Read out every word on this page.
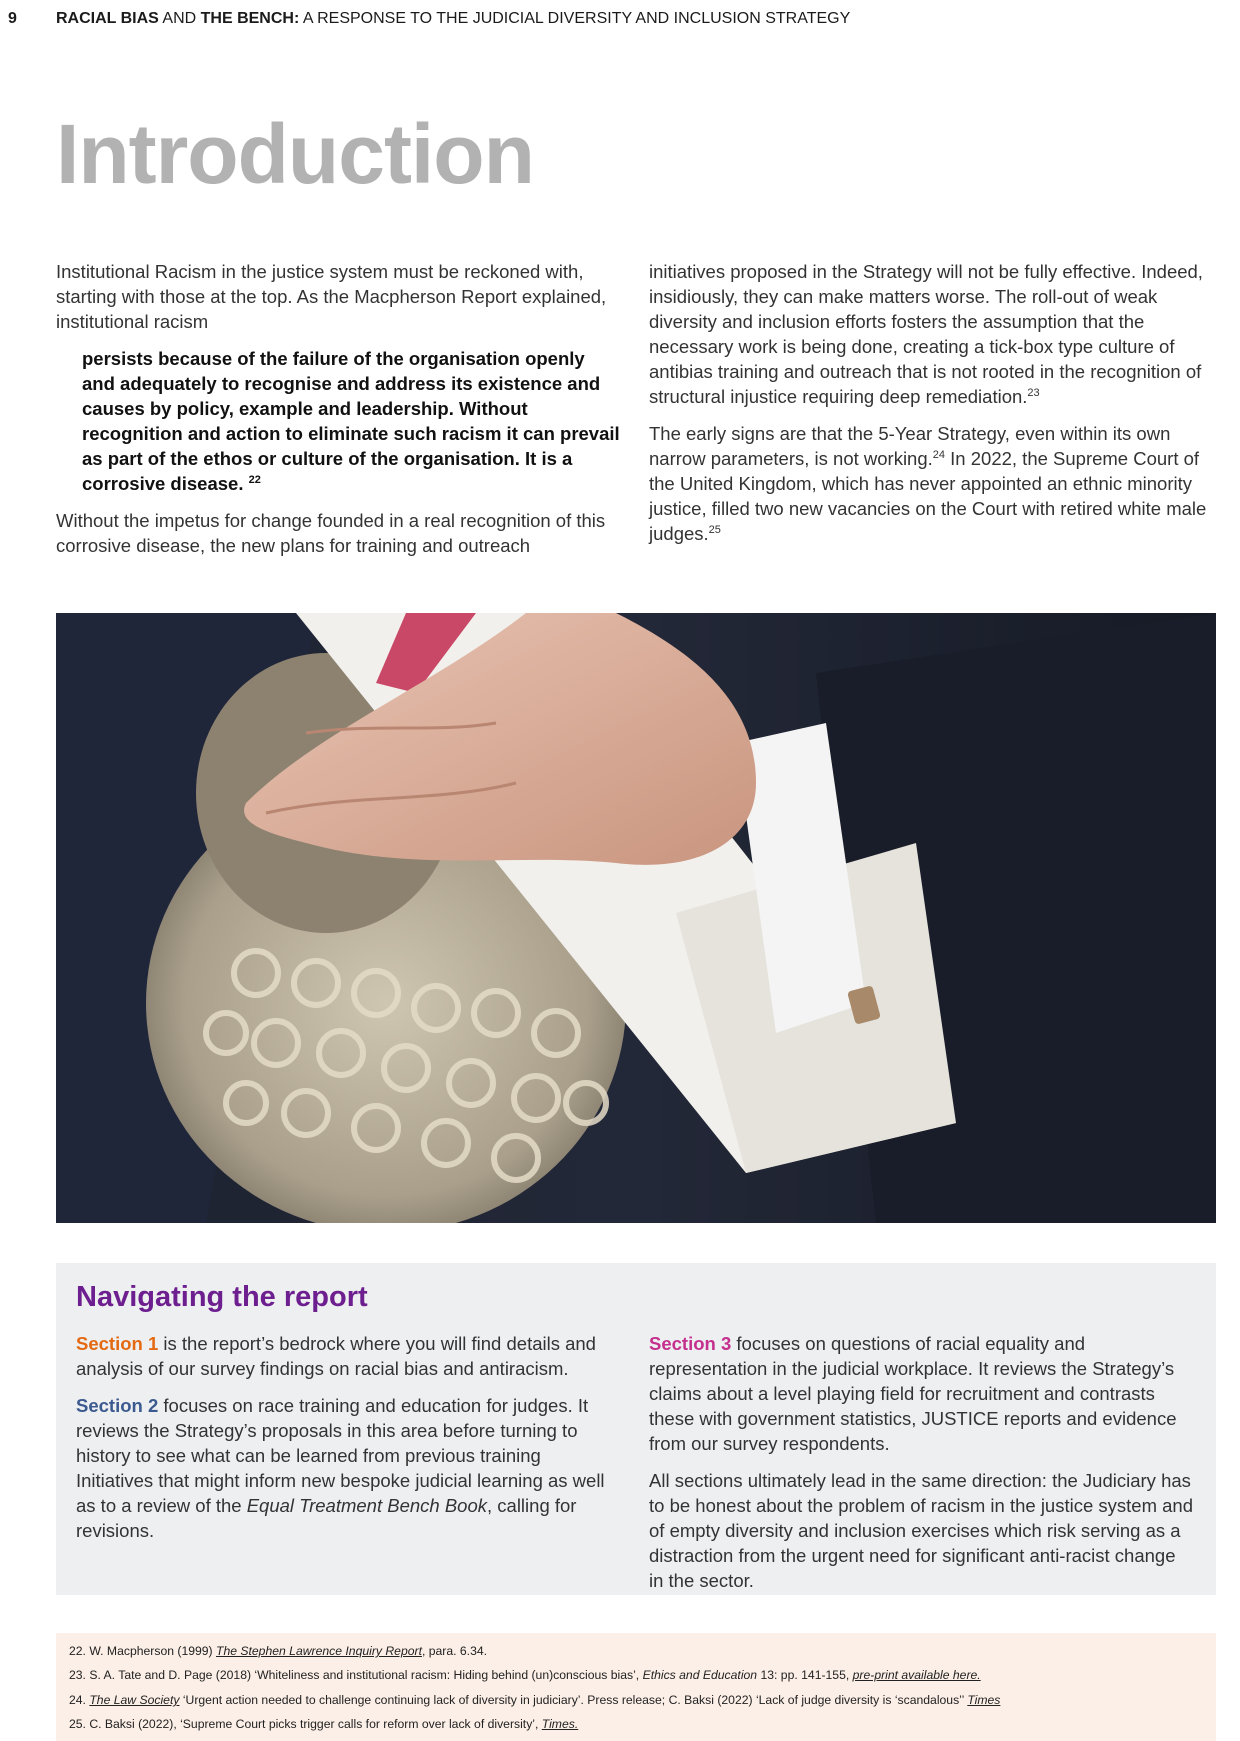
9 RACIAL BIAS AND THE BENCH: A RESPONSE TO THE JUDICIAL DIVERSITY AND INCLUSION STRATEGY
Introduction

Institutional Racism in the justice system must be reckoned with, starting with those at the top. As the Macpherson Report explained, institutional racism

persists because of the failure of the organisation openly and adequately to recognise and address its existence and causes by policy, example and leadership. Without recognition and action to eliminate such racism it can prevail as part of the ethos or culture of the organisation. It is a corrosive disease. $^{22}$

Without the impetus for change founded in a real recognition of this corrosive disease, the new plans for training and outreach

initiatives proposed in the Strategy will not be fully effective. Indeed, insidiously, they can make matters worse. The roll-out of weak diversity and inclusion efforts fosters the assumption that the necessary work is being done, creating a tick-box type culture of antibias training and outreach that is not rooted in the recognition of structural injustice requiring deep remediation.$^{23}$

The early signs are that the 5-Year Strategy, even within its own narrow parameters, is not working.$^{24}$ In 2022, the Supreme Court of the United Kingdom, which has never appointed an ethnic minority justice, filled two new vacancies on the Court with retired white male judges.$^{25}$

Navigating the report

Section 1 is the report’s bedrock where you will find details and analysis of our survey findings on racial bias and antiracism.

Section 2 focuses on race training and education for judges. It reviews the Strategy’s proposals in this area before turning to history to see what can be learned from previous training Initiatives that might inform new bespoke judicial learning as well as to a review of the Equal Treatment Bench Book, calling for revisions.

Section 3 focuses on questions of racial equality and representation in the judicial workplace. It reviews the Strategy’s claims about a level playing field for recruitment and contrasts these with government statistics, JUSTICE reports and evidence from our survey respondents.

All sections ultimately lead in the same direction: the Judiciary has to be honest about the problem of racism in the justice system and of empty diversity and inclusion exercises which risk serving as a distraction from the urgent need for significant anti-racist change in the sector.

22. W. Macpherson (1999) The Stephen Lawrence Inquiry Report, para. 6.34.
23. S. A. Tate and D. Page (2018) ‘Whiteliness and institutional racism: Hiding behind (un)conscious bias’, Ethics and Education 13: pp. 141-155, pre-print available here.
24. The Law Society ‘Urgent action needed to challenge continuing lack of diversity in judiciary’. Press release; C. Baksi (2022) ‘Lack of judge diversity is ‘scandalous’’ Times
25. C. Baksi (2022), ‘Supreme Court picks trigger calls for reform over lack of diversity’, Times.
